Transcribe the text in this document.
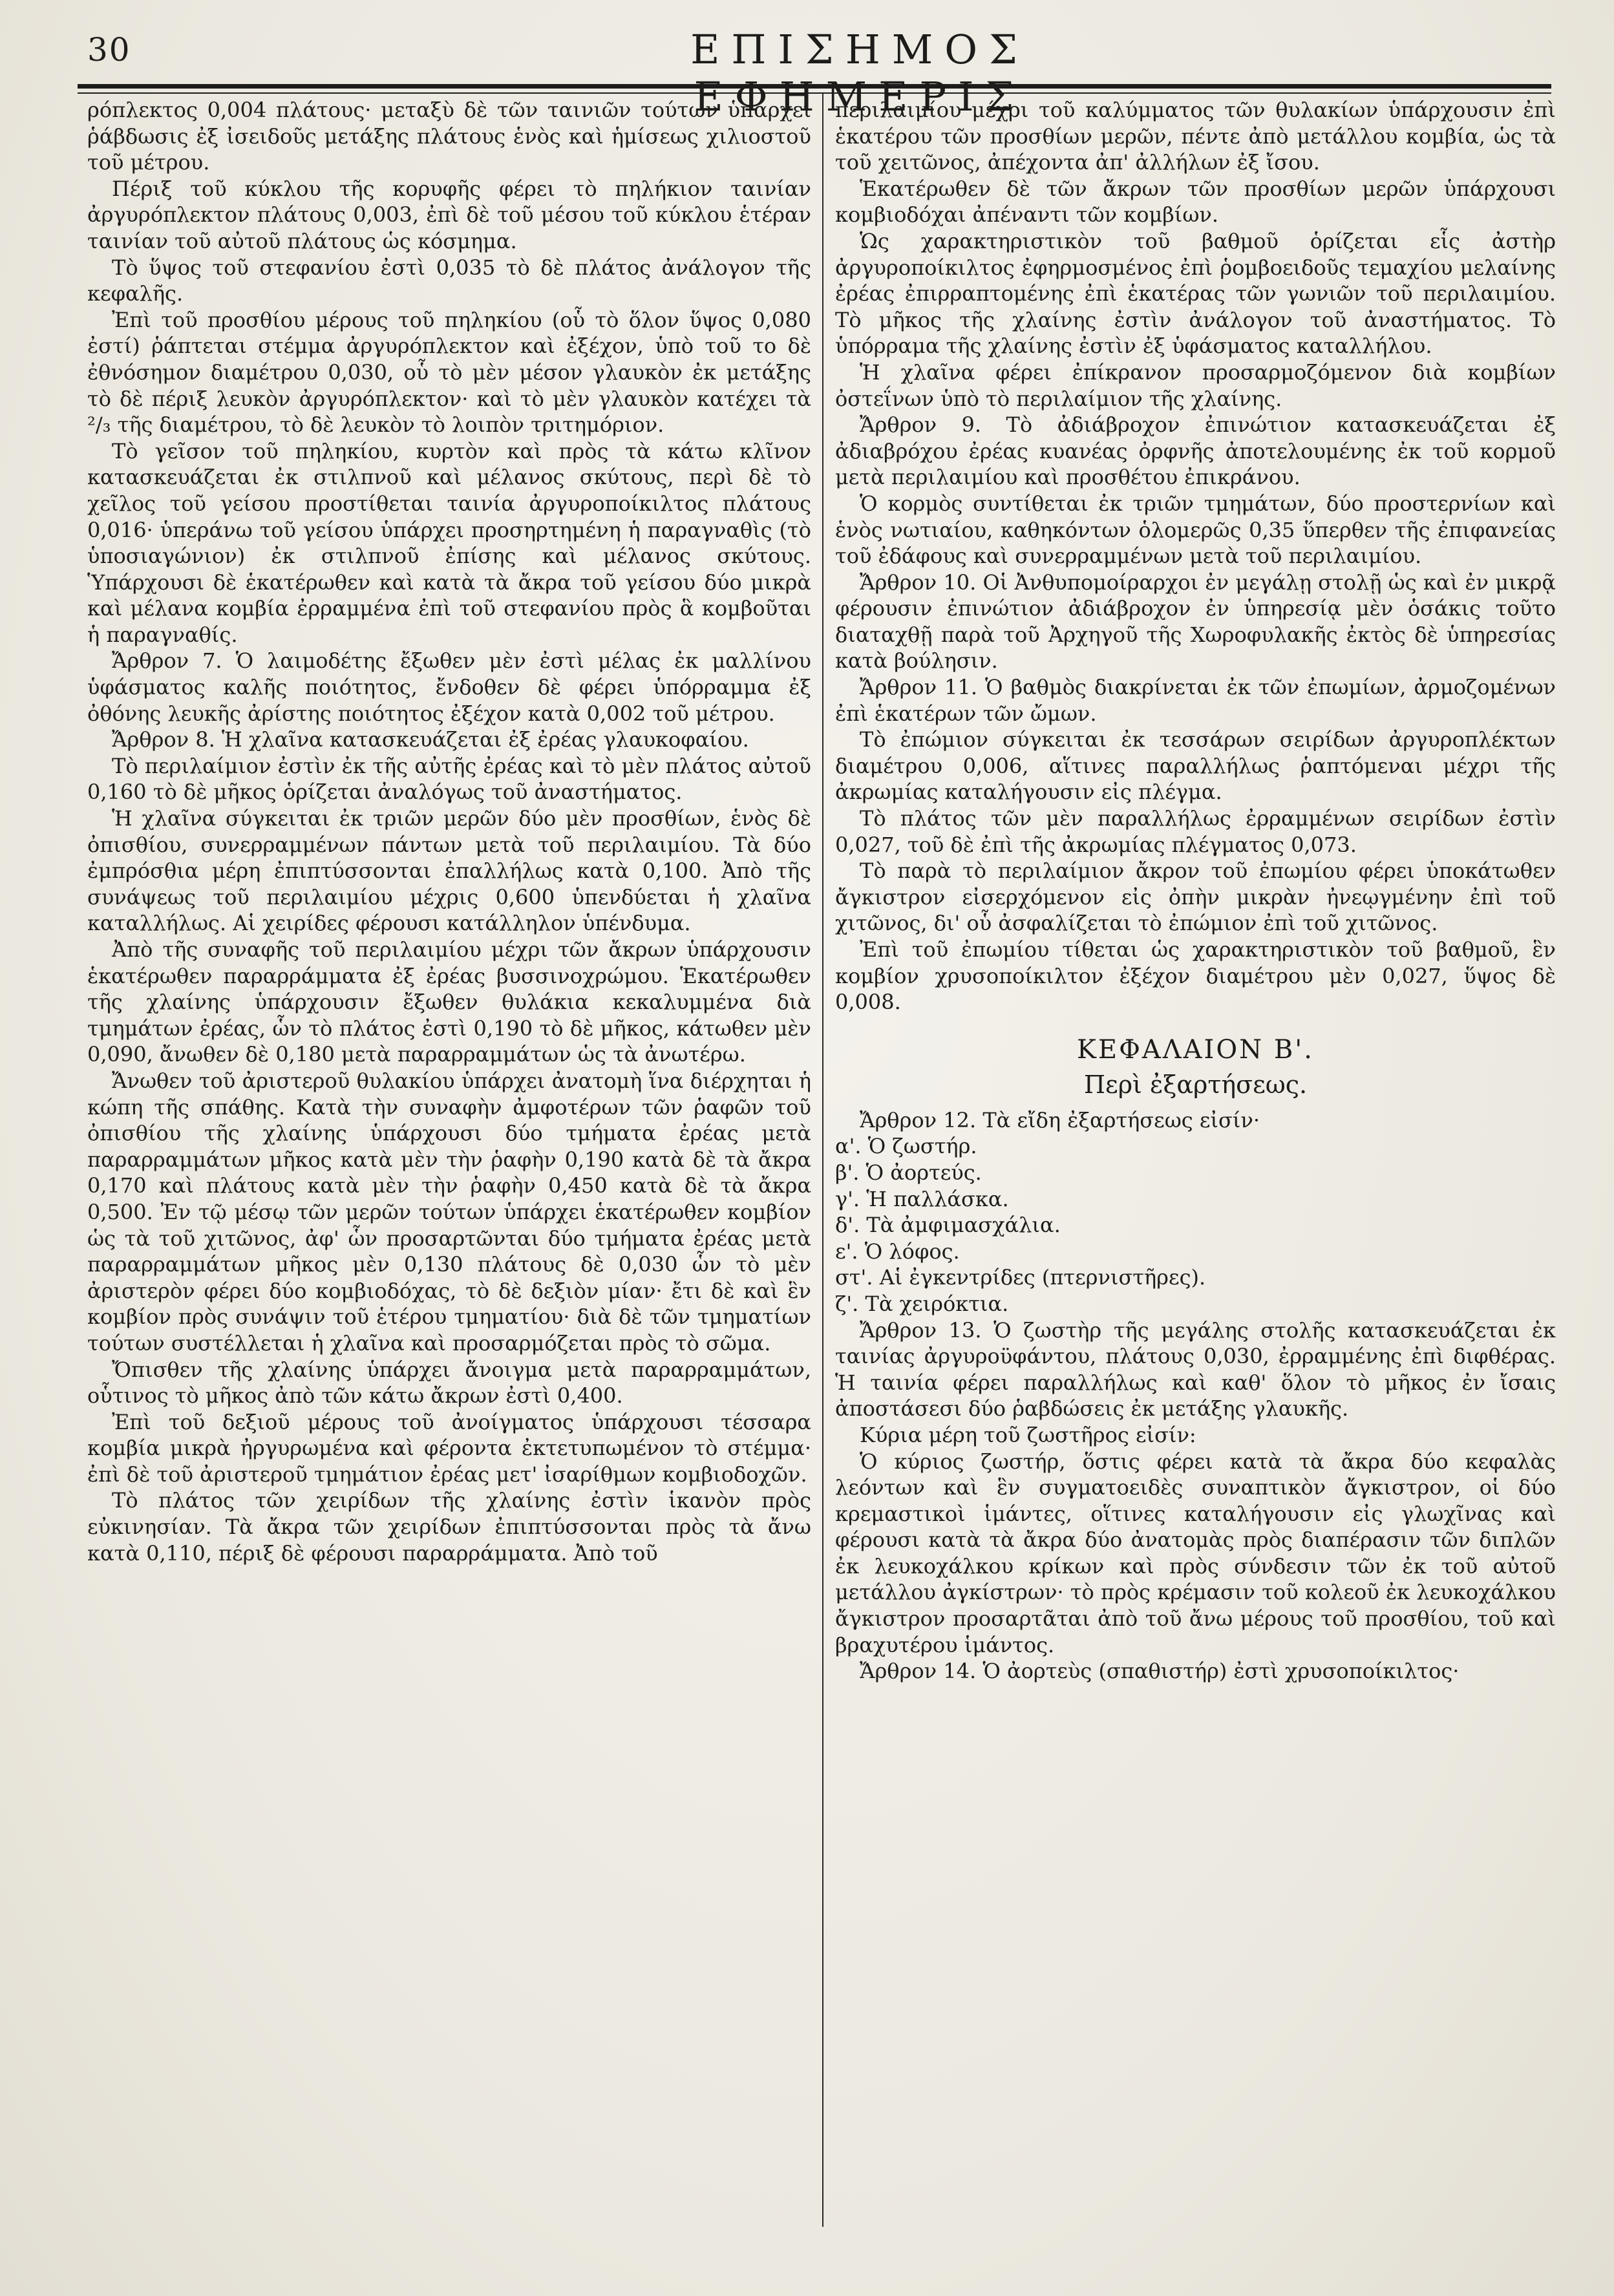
30	ΕΠΙΣΗΜΟΣ ΕΦΗΜΕΡΙΣ

ρόπλεκτος 0,004 πλάτους· μεταξὺ δὲ τῶν ταινιῶν τούτων ὑπάρχει ῥάβδωσις ἐξ ἰσειδοῦς μετάξης πλάτους ἑνὸς καὶ ἡμίσεως χιλιοστοῦ τοῦ μέτρου.

Πέριξ τοῦ κύκλου τῆς κορυφῆς φέρει τὸ πηλήκιον ταινίαν ἀργυρόπλεκτον πλάτους 0,003, ἐπὶ δὲ τοῦ μέσου τοῦ κύκλου ἑτέραν ταινίαν τοῦ αὐτοῦ πλάτους ὡς κόσμημα.

Τὸ ὕψος τοῦ στεφανίου ἐστὶ 0,035 τὸ δὲ πλάτος ἀνάλογον τῆς κεφαλῆς.

Ἐπὶ τοῦ προσθίου μέρους τοῦ πηληκίου (οὗ τὸ ὅλον ὕψος 0,080 ἐστί) ῥάπτεται στέμμα ἀργυρόπλεκτον καὶ ἐξέχον, ὑπὸ τοῦ το δὲ ἐθνόσημον διαμέτρου 0,030, οὗ τὸ μὲν μέσον γλαυκὸν ἐκ μετάξης τὸ δὲ πέριξ λευκὸν ἀργυρόπλεκτον· καὶ τὸ μὲν γλαυκὸν κατέχει τὰ ²/₃ τῆς διαμέτρου, τὸ δὲ λευκὸν τὸ λοιπὸν τριτημόριον.

Τὸ γεῖσον τοῦ πηληκίου, κυρτὸν καὶ πρὸς τὰ κάτω κλῖνον κατασκευάζεται ἐκ στιλπνοῦ καὶ μέλανος σκύτους, περὶ δὲ τὸ χεῖλος τοῦ γείσου προστίθεται ταινία ἀργυροποίκιλτος πλάτους 0,016· ὑπεράνω τοῦ γείσου ὑπάρχει προσηρτημένη ἡ παραγναθὶς (τὸ ὑποσιαγώνιον) ἐκ στιλπνοῦ ἐπίσης καὶ μέλανος σκύτους. Ὑπάρχουσι δὲ ἑκατέρωθεν καὶ κατὰ τὰ ἄκρα τοῦ γείσου δύο μικρὰ καὶ μέλανα κομβία ἐρραμμένα ἐπὶ τοῦ στεφανίου πρὸς ἃ κομβοῦται ἡ παραγναθίς.

Ἄρθρον 7. Ὁ λαιμοδέτης ἔξωθεν μὲν ἐστὶ μέλας ἐκ μαλλίνου ὑφάσματος καλῆς ποιότητος, ἔνδοθεν δὲ φέρει ὑπόρραμμα ἐξ ὀθόνης λευκῆς ἀρίστης ποιότητος ἐξέχον κατὰ 0,002 τοῦ μέτρου.

Ἄρθρον 8. Ἡ χλαῖνα κατασκευάζεται ἐξ ἐρέας γλαυκοφαίου.

Τὸ περιλαίμιον ἐστὶν ἐκ τῆς αὐτῆς ἐρέας καὶ τὸ μὲν πλάτος αὐτοῦ 0,160 τὸ δὲ μῆκος ὁρίζεται ἀναλόγως τοῦ ἀναστήματος.

Ἡ χλαῖνα σύγκειται ἐκ τριῶν μερῶν δύο μὲν προσθίων, ἑνὸς δὲ ὀπισθίου, συνερραμμένων πάντων μετὰ τοῦ περιλαιμίου. Τὰ δύο ἐμπρόσθια μέρη ἐπιπτύσσονται ἐπαλλήλως κατὰ 0,100. Ἀπὸ τῆς συνάψεως τοῦ περιλαιμίου μέχρις 0,600 ὑπενδύεται ἡ χλαῖνα καταλλήλως. Αἱ χειρίδες φέρουσι κατάλληλον ὑπένδυμα.

Ἀπὸ τῆς συναφῆς τοῦ περιλαιμίου μέχρι τῶν ἄκρων ὑπάρχουσιν ἑκατέρωθεν παραρράμματα ἐξ ἐρέας βυσσινοχρώμου. Ἑκατέρωθεν τῆς χλαίνης ὑπάρχουσιν ἔξωθεν θυλάκια κεκαλυμμένα διὰ τμημάτων ἐρέας, ὧν τὸ πλάτος ἐστὶ 0,190 τὸ δὲ μῆκος, κάτωθεν μὲν 0,090, ἄνωθεν δὲ 0,180 μετὰ παραρραμμάτων ὡς τὰ ἀνωτέρω.

Ἄνωθεν τοῦ ἀριστεροῦ θυλακίου ὑπάρχει ἀνατομὴ ἵνα διέρχηται ἡ κώπη τῆς σπάθης. Κατὰ τὴν συναφὴν ἀμφοτέρων τῶν ῥαφῶν τοῦ ὀπισθίου τῆς χλαίνης ὑπάρχουσι δύο τμήματα ἐρέας μετὰ παραρραμμάτων μῆκος κατὰ μὲν τὴν ῥαφὴν 0,190 κατὰ δὲ τὰ ἄκρα 0,170 καὶ πλάτους κατὰ μὲν τὴν ῥαφὴν 0,450 κατὰ δὲ τὰ ἄκρα 0,500. Ἐν τῷ μέσῳ τῶν μερῶν τούτων ὑπάρχει ἑκατέρωθεν κομβίον ὡς τὰ τοῦ χιτῶνος, ἀφ' ὧν προσαρτῶνται δύο τμήματα ἐρέας μετὰ παραρραμμάτων μῆκος μὲν 0,130 πλάτους δὲ 0,030 ὧν τὸ μὲν ἀριστερὸν φέρει δύο κομβιοδόχας, τὸ δὲ δεξιὸν μίαν· ἔτι δὲ καὶ ἓν κομβίον πρὸς συνάψιν τοῦ ἑτέρου τμηματίου· διὰ δὲ τῶν τμηματίων τούτων συστέλλεται ἡ χλαῖνα καὶ προσαρμόζεται πρὸς τὸ σῶμα.

Ὄπισθεν τῆς χλαίνης ὑπάρχει ἄνοιγμα μετὰ παραρραμμάτων, οὗτινος τὸ μῆκος ἀπὸ τῶν κάτω ἄκρων ἐστὶ 0,400.

Ἐπὶ τοῦ δεξιοῦ μέρους τοῦ ἀνοίγματος ὑπάρχουσι τέσσαρα κομβία μικρὰ ἠργυρωμένα καὶ φέροντα ἐκτετυπωμένον τὸ στέμμα· ἐπὶ δὲ τοῦ ἀριστεροῦ τμημάτιον ἐρέας μετ' ἰσαρίθμων κομβιοδοχῶν.

Τὸ πλάτος τῶν χειρίδων τῆς χλαίνης ἐστὶν ἱκανὸν πρὸς εὐκινησίαν. Τὰ ἄκρα τῶν χειρίδων ἐπιπτύσσονται πρὸς τὰ ἄνω κατὰ 0,110, πέριξ δὲ φέρουσι παραρράμματα. Ἀπὸ τοῦ

περιλαιμίου μέχρι τοῦ καλύμματος τῶν θυλακίων ὑπάρχουσιν ἐπὶ ἑκατέρου τῶν προσθίων μερῶν, πέντε ἀπὸ μετάλλου κομβία, ὡς τὰ τοῦ χειτῶνος, ἀπέχοντα ἀπ' ἀλλήλων ἐξ ἴσου.

Ἑκατέρωθεν δὲ τῶν ἄκρων τῶν προσθίων μερῶν ὑπάρχουσι κομβιοδόχαι ἀπέναντι τῶν κομβίων.

Ὡς χαρακτηριστικὸν τοῦ βαθμοῦ ὁρίζεται εἷς ἀστὴρ ἀργυροποίκιλτος ἐφηρμοσμένος ἐπὶ ῥομβοειδοῦς τεμαχίου μελαίνης ἐρέας ἐπιρραπτομένης ἐπὶ ἑκατέρας τῶν γωνιῶν τοῦ περιλαιμίου. Τὸ μῆκος τῆς χλαίνης ἐστὶν ἀνάλογον τοῦ ἀναστήματος. Τὸ ὑπόρραμα τῆς χλαίνης ἐστὶν ἐξ ὑφάσματος καταλλήλου.

Ἡ χλαῖνα φέρει ἐπίκρανον προσαρμοζόμενον διὰ κομβίων ὀστεΐνων ὑπὸ τὸ περιλαίμιον τῆς χλαίνης.

Ἄρθρον 9. Τὸ ἀδιάβροχον ἐπινώτιον κατασκευάζεται ἐξ ἀδιαβρόχου ἐρέας κυανέας ὀρφνῆς ἀποτελουμένης ἐκ τοῦ κορμοῦ μετὰ περιλαιμίου καὶ προσθέτου ἐπικράνου.

Ὁ κορμὸς συντίθεται ἐκ τριῶν τμημάτων, δύο προστερνίων καὶ ἑνὸς νωτιαίου, καθηκόντων ὁλομερῶς 0,35 ὕπερθεν τῆς ἐπιφανείας τοῦ ἐδάφους καὶ συνερραμμένων μετὰ τοῦ περιλαιμίου.

Ἄρθρον 10. Οἱ Ἀνθυπομοίραρχοι ἐν μεγάλῃ στολῇ ὡς καὶ ἐν μικρᾷ φέρουσιν ἐπινώτιον ἀδιάβροχον ἐν ὑπηρεσίᾳ μὲν ὁσάκις τοῦτο διαταχθῇ παρὰ τοῦ Ἀρχηγοῦ τῆς Χωροφυλακῆς ἐκτὸς δὲ ὑπηρεσίας κατὰ βούλησιν.

Ἄρθρον 11. Ὁ βαθμὸς διακρίνεται ἐκ τῶν ἐπωμίων, ἀρμοζομένων ἐπὶ ἑκατέρων τῶν ὤμων.

Τὸ ἐπώμιον σύγκειται ἐκ τεσσάρων σειρίδων ἀργυροπλέκτων διαμέτρου 0,006, αἵτινες παραλλήλως ῥαπτόμεναι μέχρι τῆς ἀκρωμίας καταλήγουσιν εἰς πλέγμα.

Τὸ πλάτος τῶν μὲν παραλλήλως ἐρραμμένων σειρίδων ἐστὶν 0,027, τοῦ δὲ ἐπὶ τῆς ἀκρωμίας πλέγματος 0,073.

Τὸ παρὰ τὸ περιλαίμιον ἄκρον τοῦ ἐπωμίου φέρει ὑποκάτωθεν ἄγκιστρον εἰσερχόμενον εἰς ὀπὴν μικρὰν ἠνεῳγμένην ἐπὶ τοῦ χιτῶνος, δι' οὗ ἀσφαλίζεται τὸ ἐπώμιον ἐπὶ τοῦ χιτῶνος.

Ἐπὶ τοῦ ἐπωμίου τίθεται ὡς χαρακτηριστικὸν τοῦ βαθμοῦ, ἓν κομβίον χρυσοποίκιλτον ἐξέχον διαμέτρου μὲν 0,027, ὕψος δὲ 0,008.

ΚΕΦΑΛΑΙΟΝ Β'.
Περὶ ἐξαρτήσεως.

Ἄρθρον 12. Τὰ εἴδη ἐξαρτήσεως εἰσίν·

α'. Ὁ ζωστήρ.

β'. Ὁ ἀορτεύς.

γ'. Ἡ παλλάσκα.

δ'. Τὰ ἀμφιμασχάλια.

ε'. Ὁ λόφος.

στ'. Αἱ ἐγκεντρίδες (πτερνιστῆρες).

ζ'. Τὰ χειρόκτια.

Ἄρθρον 13. Ὁ ζωστὴρ τῆς μεγάλης στολῆς κατασκευάζεται ἐκ ταινίας ἀργυροϋφάντου, πλάτους 0,030, ἐρραμμένης ἐπὶ διφθέρας. Ἡ ταινία φέρει παραλλήλως καὶ καθ' ὅλον τὸ μῆκος ἐν ἴσαις ἀποστάσεσι δύο ῥαβδώσεις ἐκ μετάξης γλαυκῆς.

Κύρια μέρη τοῦ ζωστῆρος εἰσίν:

Ὁ κύριος ζωστήρ, ὅστις φέρει κατὰ τὰ ἄκρα δύο κεφαλὰς λεόντων καὶ ἓν συγματοειδὲς συναπτικὸν ἄγκιστρον, οἱ δύο κρεμαστικοὶ ἱμάντες, οἵτινες καταλήγουσιν εἰς γλωχῖνας καὶ φέρουσι κατὰ τὰ ἄκρα δύο ἀνατομὰς πρὸς διαπέρασιν τῶν διπλῶν ἐκ λευκοχάλκου κρίκων καὶ πρὸς σύνδεσιν τῶν ἐκ τοῦ αὐτοῦ μετάλλου ἀγκίστρων· τὸ πρὸς κρέμασιν τοῦ κολεοῦ ἐκ λευκοχάλκου ἄγκιστρον προσαρτᾶται ἀπὸ τοῦ ἄνω μέρους τοῦ προσθίου, τοῦ καὶ βραχυτέρου ἱμάντος.

Ἄρθρον 14. Ὁ ἀορτεὺς (σπαθιστήρ) ἐστὶ χρυσοποίκιλτος·
